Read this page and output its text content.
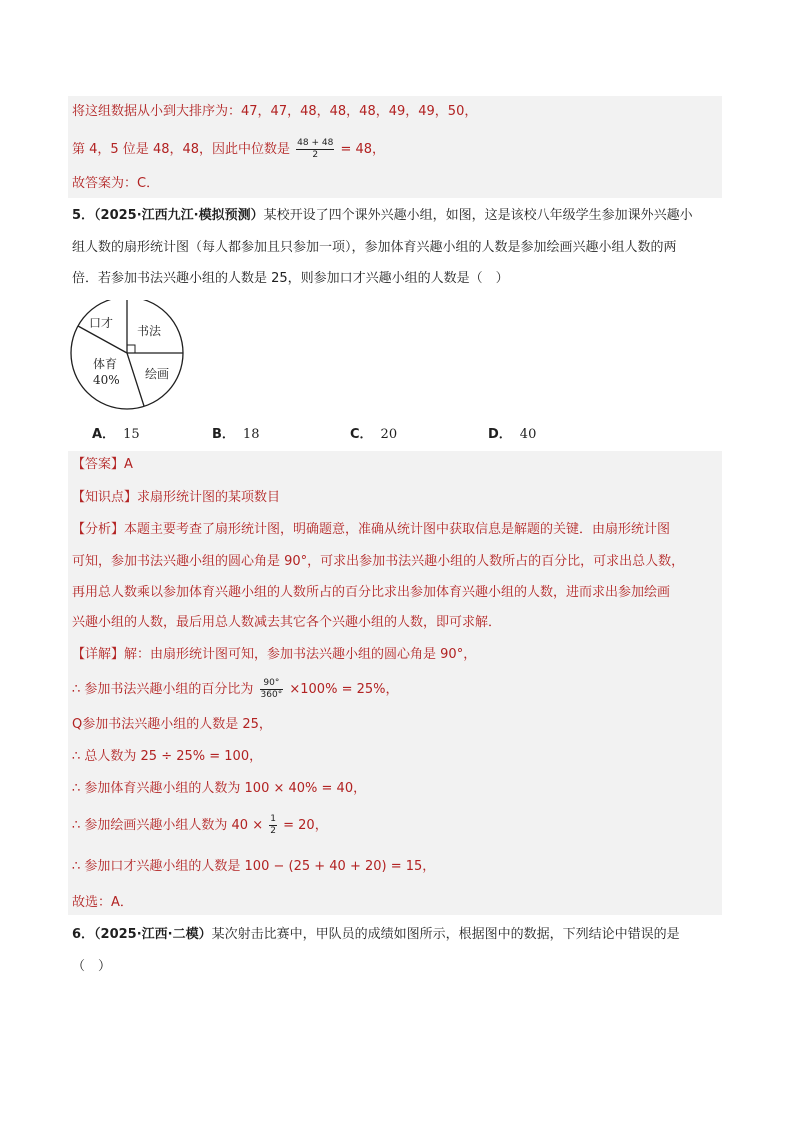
将这组数据从小到大排序为：47，47，48，48，48，49，49，50，
第 4，5 位是 48，48，因此中位数是 $\frac{48 + 48}{2} = 48$，
故答案为：C．
5．（2025·江西九江·模拟预测）某校开设了四个课外兴趣小组，如图，这是该校八年级学生参加课外兴趣小
组人数的扇形统计图（每人都参加且只参加一项），参加体育兴趣小组的人数是参加绘画兴趣小组人数的两
倍．若参加书法兴趣小组的人数是 25，则参加口才兴趣小组的人数是（　）
口才
书法
体育
40% 绘画
A． 15	B． 18	C． 20	D． 40
【答案】A
【知识点】求扇形统计图的某项数目
【分析】本题主要考查了扇形统计图，明确题意，准确从统计图中获取信息是解题的关键．由扇形统计图
可知，参加书法兴趣小组的圆心角是 90°，可求出参加书法兴趣小组的人数所占的百分比，可求出总人数，
再用总人数乘以参加体育兴趣小组的人数所占的百分比求出参加体育兴趣小组的人数，进而求出参加绘画
兴趣小组的人数，最后用总人数减去其它各个兴趣小组的人数，即可求解．
【详解】解：由扇形统计图可知，参加书法兴趣小组的圆心角是 90°，
∴ 参加书法兴趣小组的百分比为 $\frac{90^\circ}{360^\circ} \times 100\% = 25\%$，
Q参加书法兴趣小组的人数是 25，
∴ 总人数为 25 ÷ 25% = 100，
∴ 参加体育兴趣小组的人数为 100 × 40% = 40，
∴ 参加绘画兴趣小组人数为 $40 \times \frac{1}{2} = 20$，
∴ 参加口才兴趣小组的人数是 100 − (25 + 40 + 20) = 15，
故选：A．
6．（2025·江西·二模）某次射击比赛中，甲队员的成绩如图所示，根据图中的数据，下列结论中错误的是
（　）
